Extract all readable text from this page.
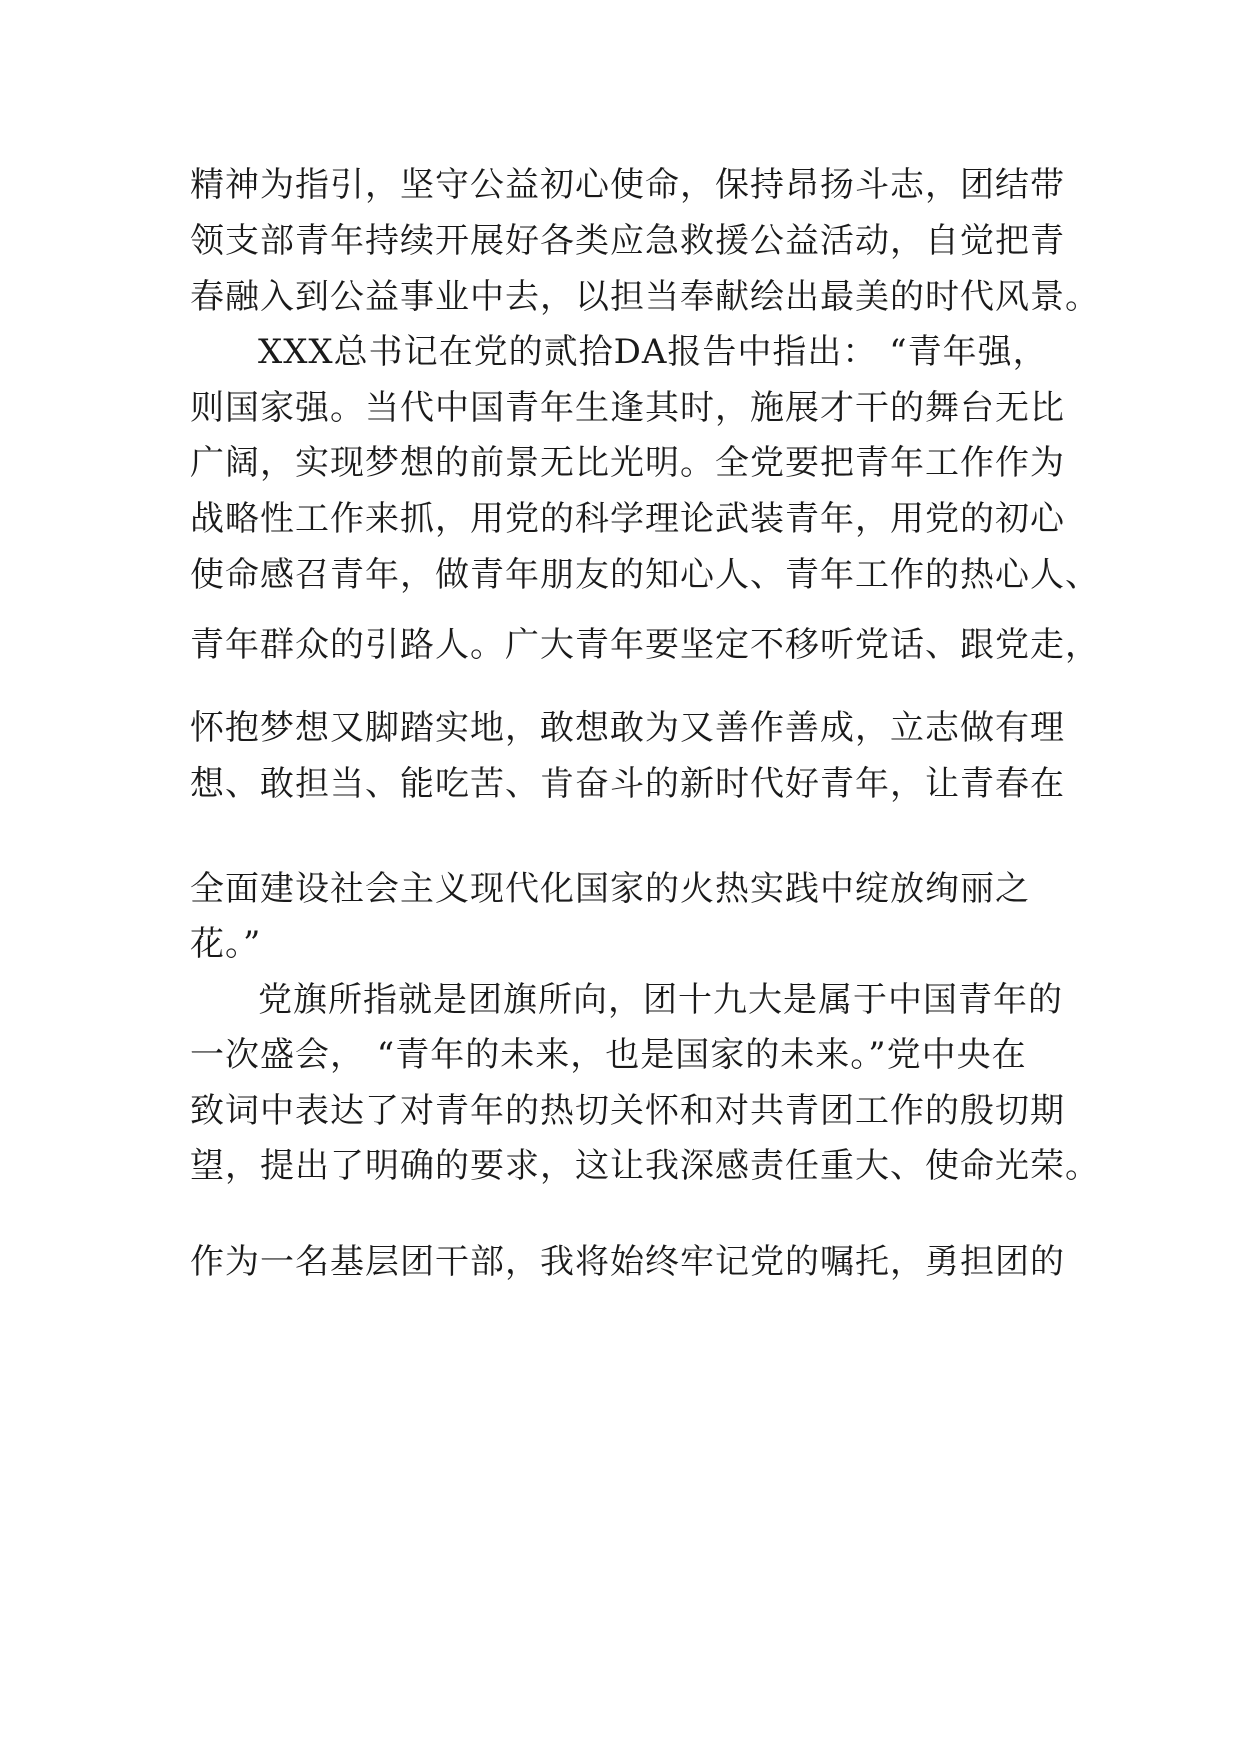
精神为指引，坚守公益初心使命，保持昂扬斗志，团结带

领支部青年持续开展好各类应急救援公益活动，自觉把青

春融入到公益事业中去，以担当奉献绘出最美的时代风景。

XXX总书记在党的贰拾DA报告中指出： “青年强，

则国家强。当代中国青年生逢其时，施展才干的舞台无比

广阔，实现梦想的前景无比光明。全党要把青年工作作为

战略性工作来抓，用党的科学理论武装青年，用党的初心

使命感召青年，做青年朋友的知心人、青年工作的热心人、

青年群众的引路人。广大青年要坚定不移听党话、跟党走，

怀抱梦想又脚踏实地，敢想敢为又善作善成，立志做有理

想、敢担当、能吃苦、肯奋斗的新时代好青年，让青春在

全面建设社会主义现代化国家的火热实践中绽放绚丽之

花。”

党旗所指就是团旗所向，团十九大是属于中国青年的

一次盛会， “青年的未来，也是国家的未来。”党中央在

致词中表达了对青年的热切关怀和对共青团工作的殷切期

望，提出了明确的要求，这让我深感责任重大、使命光荣。

作为一名基层团干部，我将始终牢记党的嘱托，勇担团的
